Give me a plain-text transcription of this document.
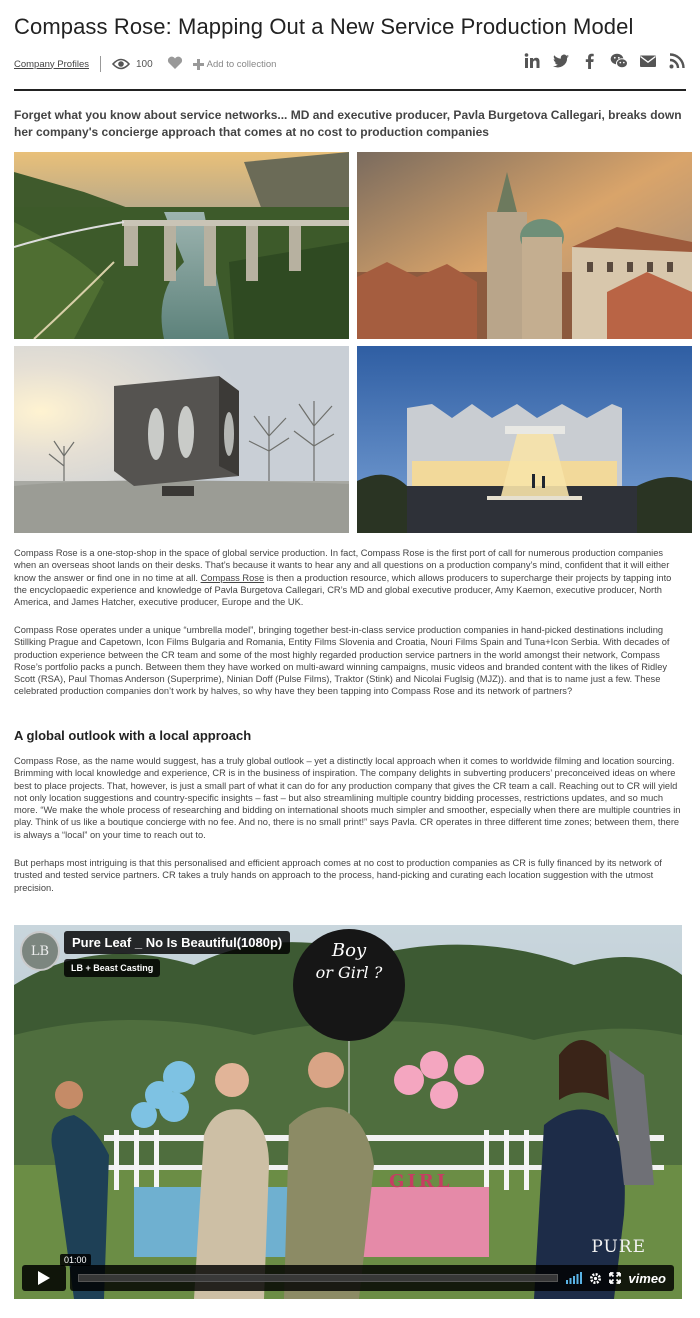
Compass Rose: Mapping Out a New Service Production Model
Company Profiles	100	Add to collection

Forget what you know about service networks... MD and executive producer, Pavla Burgetova Callegari, breaks down her company's concierge approach that comes at no cost to production companies

Compass Rose is a one-stop-shop in the space of global service production. In fact, Compass Rose is the first port of call for numerous production companies when an overseas shoot lands on their desks. That’s because it wants to hear any and all questions on a production company’s mind, confident that it will either know the answer or find one in no time at all. Compass Rose is then a production resource, which allows producers to supercharge their projects by tapping into the encyclopaedic experience and knowledge of Pavla Burgetova Callegari, CR’s MD and global executive producer, Amy Kaemon, executive producer, North America, and James Hatcher, executive producer, Europe and the UK.

Compass Rose operates under a unique “umbrella model”, bringing together best-in-class service production companies in hand-picked destinations including Stillking Prague and Capetown, Icon Films Bulgaria and Romania, Entity Films Slovenia and Croatia, Nouri Films Spain and Tuna+Icon Serbia. With decades of production experience between the CR team and some of the most highly regarded production service partners in the world amongst their network, Compass Rose’s portfolio packs a punch. Between them they have worked on multi-award winning campaigns, music videos and branded content with the likes of Ridley Scott (RSA), Paul Thomas Anderson (Superprime), Ninian Doff (Pulse Films), Traktor (Stink) and Nicolai Fuglsig (MJZ)). and that is to name just a few. These celebrated production companies don’t work by halves, so why have they been tapping into Compass Rose and its network of partners?

A global outlook with a local approach

Compass Rose, as the name would suggest, has a truly global outlook – yet a distinctly local approach when it comes to worldwide filming and location sourcing. Brimming with local knowledge and experience, CR is in the business of inspiration. The company delights in subverting producers’ preconceived ideas on where best to place projects. That, however, is just a small part of what it can do for any production company that gives the CR team a call. Reaching out to CR will yield not only location suggestions and country-specific insights – fast – but also streamlining multiple country bidding processes, restrictions updates, and so much more. “We make the whole process of researching and bidding on international shoots much simpler and smoother, especially when there are multiple countries in play. Think of us like a boutique concierge with no fee. And no, there is no small print!” says Pavla. CR operates in three different time zones; between them, there is always a “local” on your time to reach out to.

But perhaps most intriguing is that this personalised and efficient approach comes at no cost to production companies as CR is fully financed by its network of trusted and tested service partners. CR takes a truly hands on approach to the process, hand-picking and curating each location suggestion with the utmost precision.

LB
Pure Leaf _ No Is Beautiful(1080p)
LB + Beast Casting
Boy
or Girl ?
GIRL
PURE
01:00
vimeo
